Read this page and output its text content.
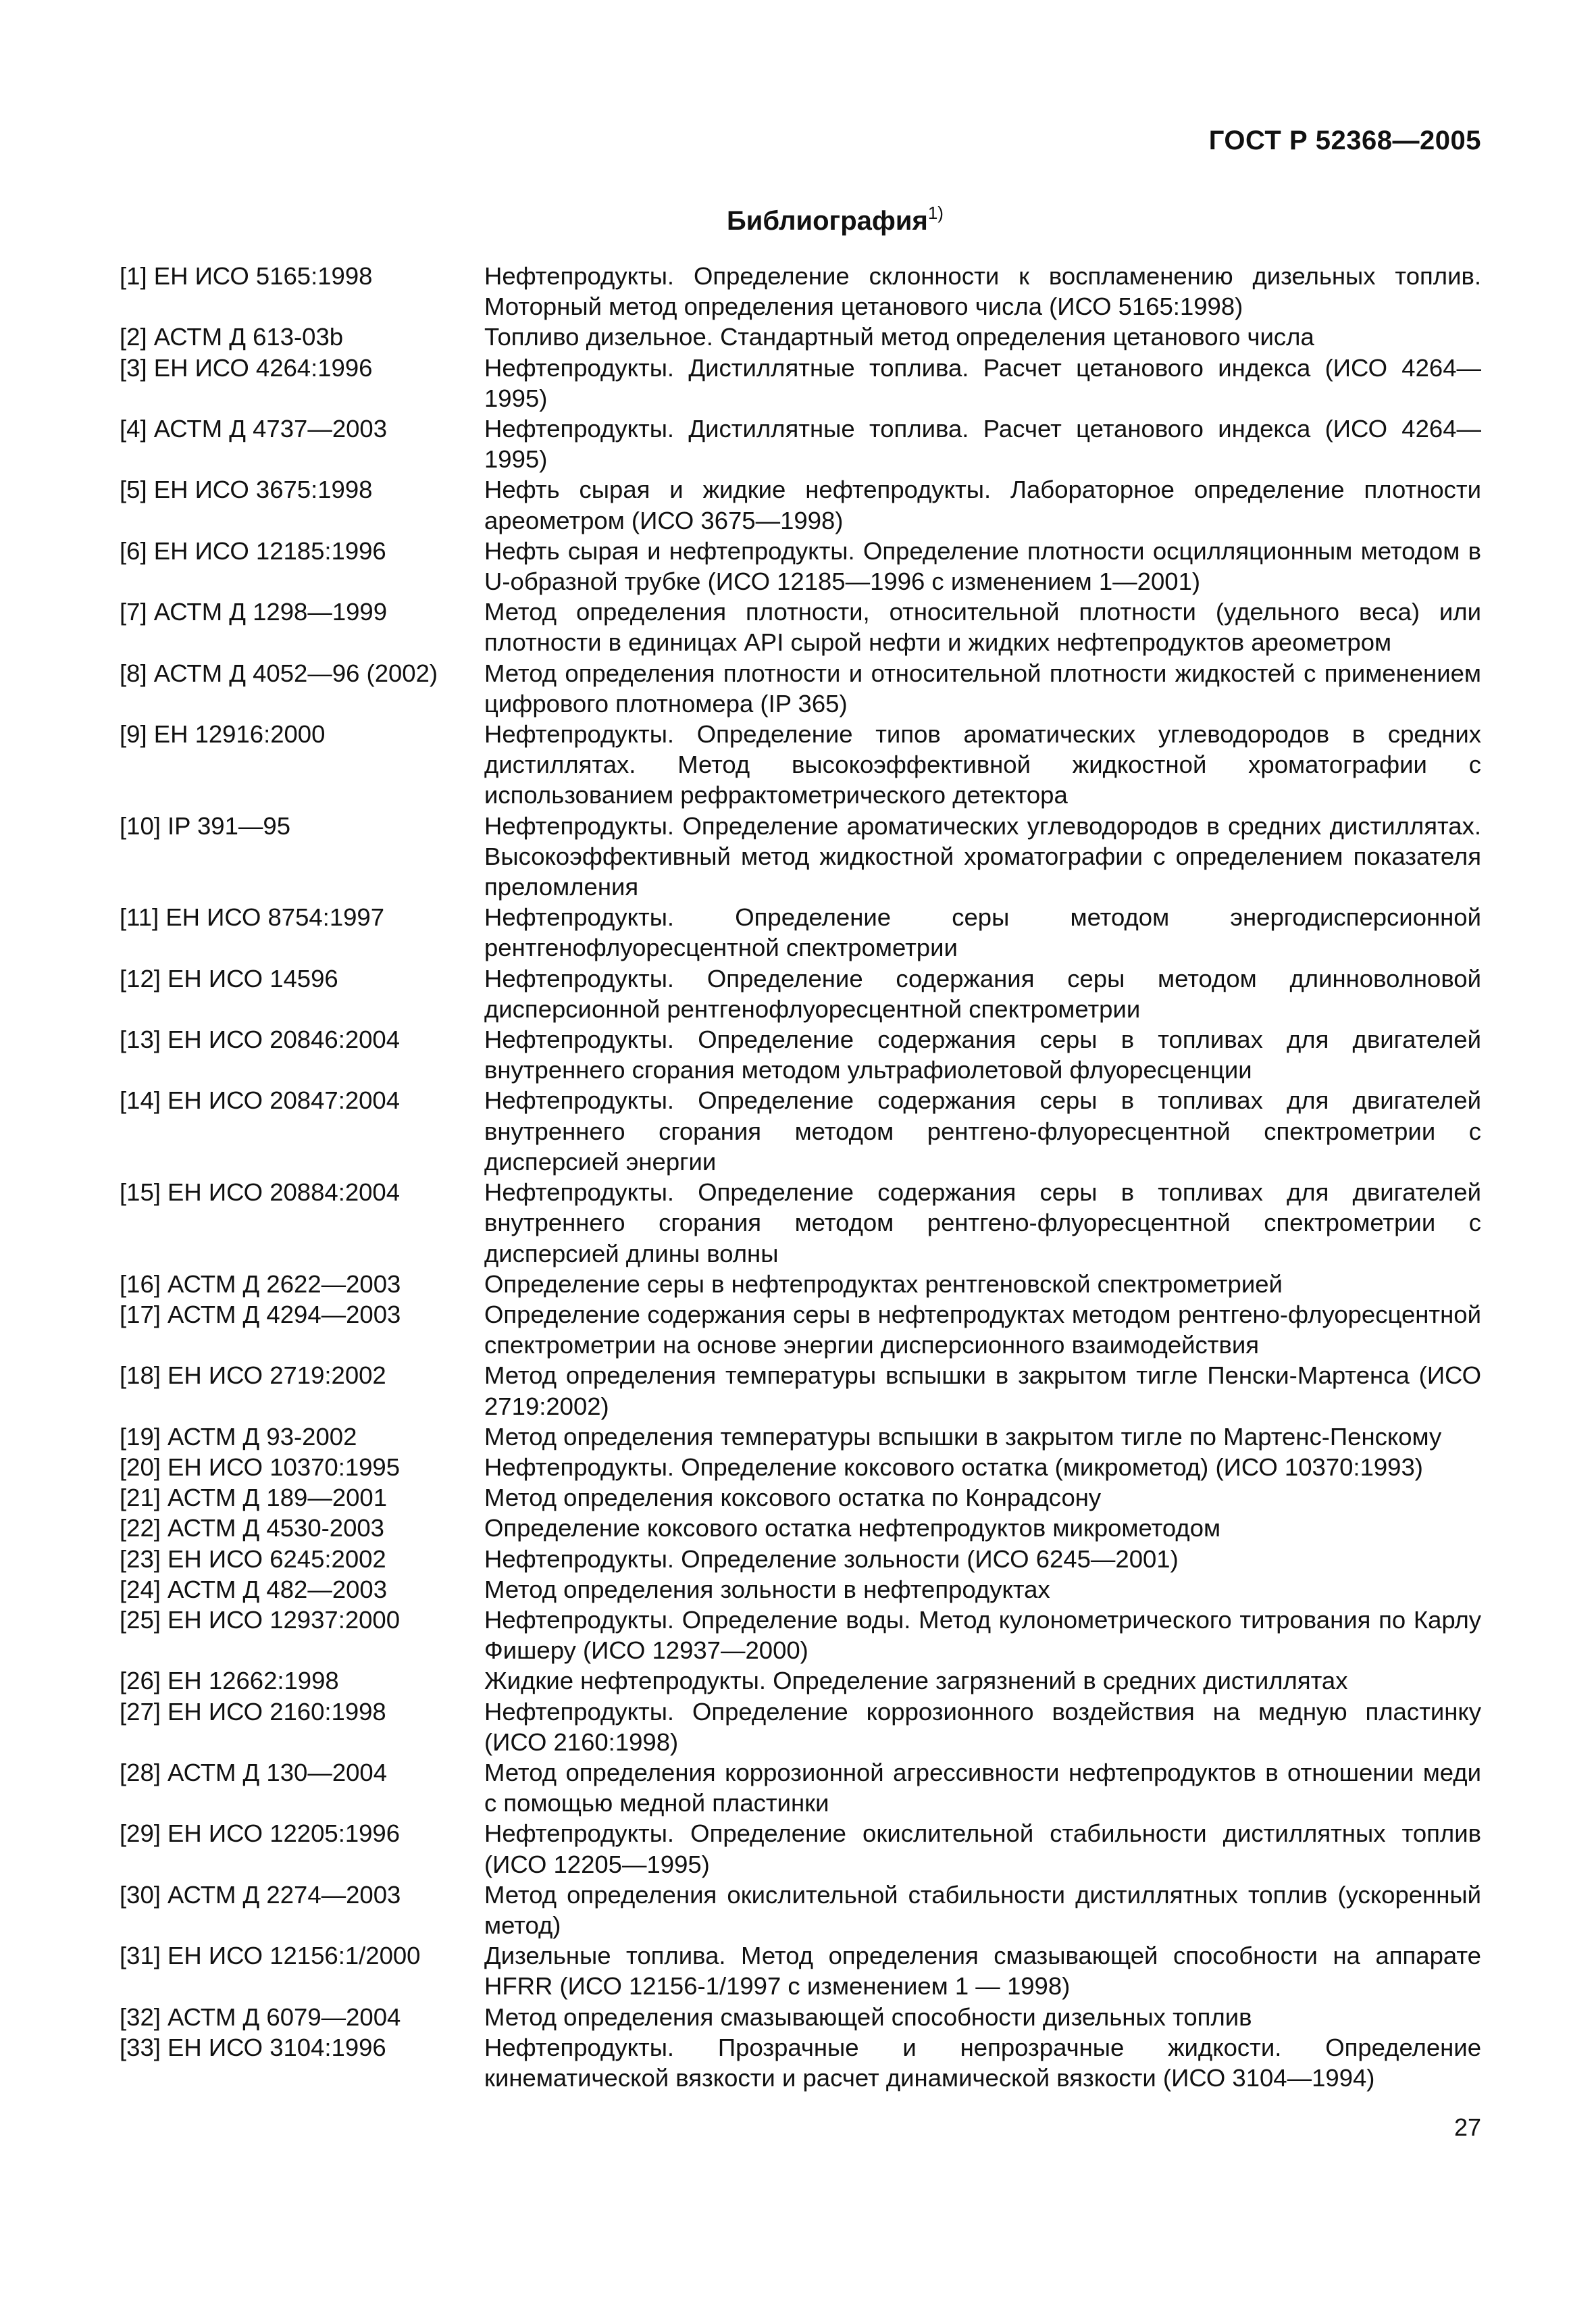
ГОСТ Р 52368—2005
Библиография$^{1)}$
[1] ЕН ИСО 5165:1998	Нефтепродукты. Определение склонности к воспламенению дизельных топлив. Моторный метод определения цетанового числа (ИСО 5165:1998)
[2] АСТМ Д 613-03b	Топливо дизельное. Стандартный метод определения цетанового числа
[3] ЕН ИСО 4264:1996	Нефтепродукты. Дистиллятные топлива. Расчет цетанового индекса (ИСО 4264—1995)
[4] АСТМ Д 4737—2003	Нефтепродукты. Дистиллятные топлива. Расчет цетанового индекса (ИСО 4264—1995)
[5] ЕН ИСО 3675:1998	Нефть сырая и жидкие нефтепродукты. Лабораторное определение плотности ареометром (ИСО 3675—1998)
[6] ЕН ИСО 12185:1996	Нефть сырая и нефтепродукты. Определение плотности осцилляционным методом в U-образной трубке (ИСО 12185—1996 с изменением 1—2001)
[7] АСТМ Д 1298—1999	Метод определения плотности, относительной плотности (удельного веса) или плотности в единицах API сырой нефти и жидких нефтепродуктов ареометром
[8] АСТМ Д 4052—96 (2002)	Метод определения плотности и относительной плотности жидкостей с применением цифрового плотномера (IP 365)
[9] ЕН 12916:2000	Нефтепродукты. Определение типов ароматических углеводородов в средних дистиллятах. Метод высокоэффективной жидкостной хроматографии с использованием рефрактометрического детектора
[10] IP 391—95	Нефтепродукты. Определение ароматических углеводородов в средних дистиллятах. Высокоэффективный метод жидкостной хроматографии с определением показателя преломления
[11] ЕН ИСО 8754:1997	Нефтепродукты. Определение серы методом энергодисперсионной рентгенофлуоресцентной спектрометрии
[12] ЕН ИСО 14596	Нефтепродукты. Определение содержания серы методом длинноволновой дисперсионной рентгенофлуоресцентной спектрометрии
[13] ЕН ИСО 20846:2004	Нефтепродукты. Определение содержания серы в топливах для двигателей внутреннего сгорания методом ультрафиолетовой флуоресценции
[14] ЕН ИСО 20847:2004	Нефтепродукты. Определение содержания серы в топливах для двигателей внутреннего сгорания методом рентгено-флуоресцентной спектрометрии с дисперсией энергии
[15] ЕН ИСО 20884:2004	Нефтепродукты. Определение содержания серы в топливах для двигателей внутреннего сгорания методом рентгено-флуоресцентной спектрометрии с дисперсией длины волны
[16] АСТМ Д 2622—2003	Определение серы в нефтепродуктах рентгеновской спектрометрией
[17] АСТМ Д 4294—2003	Определение содержания серы в нефтепродуктах методом рентгено-флуоресцентной спектрометрии на основе энергии дисперсионного взаимодействия
[18] ЕН ИСО 2719:2002	Метод определения температуры вспышки в закрытом тигле Пенски-Мартенса (ИСО 2719:2002)
[19] АСТМ Д 93-2002	Метод определения температуры вспышки в закрытом тигле по Мартенс-Пенскому
[20] ЕН ИСО 10370:1995	Нефтепродукты. Определение коксового остатка (микрометод) (ИСО 10370:1993)
[21] АСТМ Д 189—2001	Метод определения коксового остатка по Конрадсону
[22] АСТМ Д 4530-2003	Определение коксового остатка нефтепродуктов микрометодом
[23] ЕН ИСО 6245:2002	Нефтепродукты. Определение зольности (ИСО 6245—2001)
[24] АСТМ Д 482—2003	Метод определения зольности в нефтепродуктах
[25] ЕН ИСО 12937:2000	Нефтепродукты. Определение воды. Метод кулонометрического титрования по Карлу Фишеру (ИСО 12937—2000)
[26] ЕН 12662:1998	Жидкие нефтепродукты. Определение загрязнений в средних дистиллятах
[27] ЕН ИСО 2160:1998	Нефтепродукты. Определение коррозионного воздействия на медную пластинку (ИСО 2160:1998)
[28] АСТМ Д 130—2004	Метод определения коррозионной агрессивности нефтепродуктов в отношении меди с помощью медной пластинки
[29] ЕН ИСО 12205:1996	Нефтепродукты. Определение окислительной стабильности дистиллятных топлив (ИСО 12205—1995)
[30] АСТМ Д 2274—2003	Метод определения окислительной стабильности дистиллятных топлив (ускоренный метод)
[31] ЕН ИСО 12156:1/2000	Дизельные топлива. Метод определения смазывающей способности на аппарате HFRR (ИСО 12156-1/1997 с изменением 1 — 1998)
[32] АСТМ Д 6079—2004	Метод определения смазывающей способности дизельных топлив
[33] ЕН ИСО 3104:1996	Нефтепродукты. Прозрачные и непрозрачные жидкости. Определение кинематической вязкости и расчет динамической вязкости (ИСО 3104—1994)
27
